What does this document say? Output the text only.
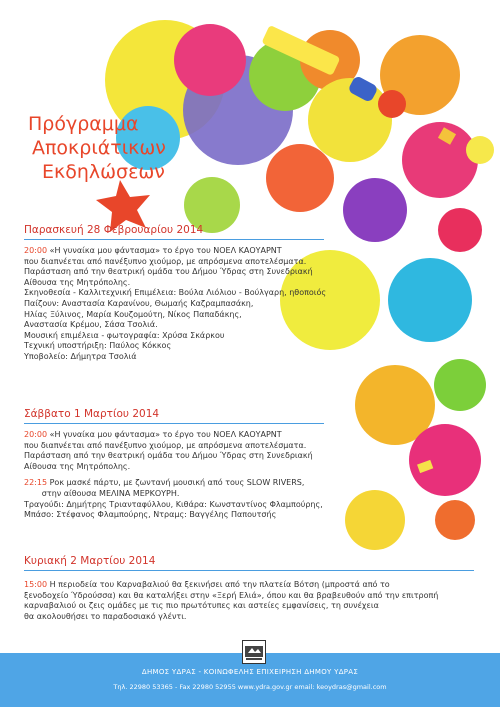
Πρόγραμμα
Αποκριάτικων
Εκδηλώσεων
Παρασκευή 28 Φεβρουαρίου 2014
20:00 «Η γυναίκα μου φάντασμα» το έργο του ΝΟΕΛ ΚΑΟΥΑΡΝΤ
που διαπνέεται από πανέξυπνο χιούμορ, με απρόσμενα αποτελέσματα.
Παράσταση από την θεατρική ομάδα του Δήμου Ύδρας στη Συνεδριακή
Αίθουσα της Μητρόπολης.
Σκηνοθεσία - Καλλιτεχνική Επιμέλεια: Βούλα Λιόλιου - Βούλγαρη, ηθοποιός
Παίζουν: Αναστασία Καρανίνου, Θωμαής Καζραμπασάκη,
Ηλίας Ξύλινος, Μαρία Κουζομούτη, Νίκος Παπαδάκης,
Αναστασία Κρέμου, Σάσα Τσολιά.
Μουσική επιμέλεια - φωτογραφία: Χρύσα Σκάρκου
Τεχνική υποστήριξη: Παύλος Κόκκος
Υποβολείο: Δήμητρα Τσολιά
Σάββατο 1 Μαρτίου 2014
20:00 «Η γυναίκα μου φάντασμα» το έργο του ΝΟΕΛ ΚΑΟΥΑΡΝΤ
που διαπνέεται από πανέξυπνο χιούμορ, με απρόσμενα αποτελέσματα.
Παράσταση από την θεατρική ομάδα του Δήμου Ύδρας στη Συνεδριακή
Αίθουσα της Μητρόπολης.
22:15 Ροκ μασκέ πάρτυ, με ζωντανή μουσική από τους SLOW RIVERS,
στην αίθουσα ΜΕΛΙΝΑ ΜΕΡΚΟΥΡΗ.
Τραγούδι: Δημήτρης Τριανταφύλλου, Κιθάρα: Κωνσταντίνος Φλαμπούρης,
Μπάσο: Στέφανος Φλαμπούρης, Ντραμς: Βαγγέλης Παπουτσής
Κυριακή 2 Μαρτίου 2014
15:00 Η περιοδεία του Καρναβαλιού θα ξεκινήσει από την πλατεία Βότση (μπροστά από το
ξενοδοχείο Ύδρούσσα) και θα καταλήξει στην «Ξερή Ελιά», όπου και θα βραβευθούν από την επιτροπή
καρναβαλιού οι ζεις ομάδες με τις πιο πρωτότυπες και αστείες εμφανίσεις, τη συνέχεια
θα ακολουθήσει το παραδοσιακό γλέντι.
ΔΗΜΟΣ ΥΔΡΑΣ - ΚΟΙΝΩΦΕΛΗΣ ΕΠΙΧΕΙΡΗΣΗ ΔΗΜΟΥ ΥΔΡΑΣ
Τηλ. 22980 53365 - Fax 22980 52955 www.ydra.gov.gr email: keoydras@gmail.com
